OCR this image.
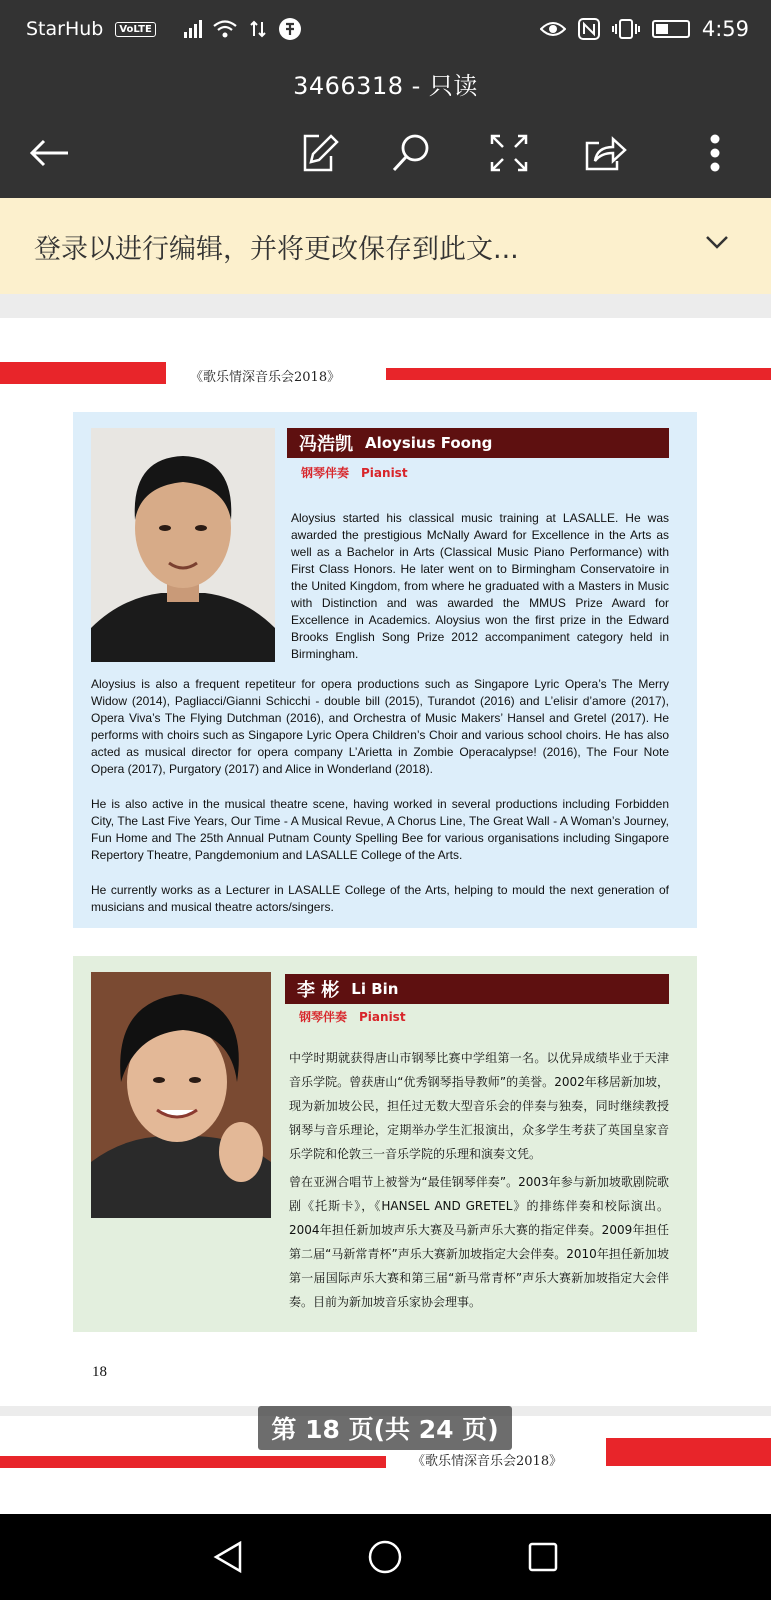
StarHub	VoLTE	4:59
3466318 - 只读
登录以进行编辑，并将更改保存到此文...
《歌乐情深音乐会2018》
冯浩凯 Aloysius Foong
钢琴伴奏 Pianist
Aloysius started his classical music training at LASALLE. He was awarded the prestigious McNally Award for Excellence in the Arts as well as a Bachelor in Arts (Classical Music Piano Performance) with First Class Honors. He later went on to Birmingham Conservatoire in the United Kingdom, from where he graduated with a Masters in Music with Distinction and was awarded the MMUS Prize Award for Excellence in Academics. Aloysius won the first prize in the Edward Brooks English Song Prize 2012 accompaniment category held in Birmingham.
Aloysius is also a frequent repetiteur for opera productions such as Singapore Lyric Opera’s The Merry Widow (2014), Pagliacci/Gianni Schicchi - double bill (2015), Turandot (2016) and L’elisir d’amore (2017), Opera Viva’s The Flying Dutchman (2016), and Orchestra of Music Makers’ Hansel and Gretel (2017). He performs with choirs such as Singapore Lyric Opera Children’s Choir and various school choirs. He has also acted as musical director for opera company L’Arietta in Zombie Operacalypse! (2016), The Four Note Opera (2017), Purgatory (2017) and Alice in Wonderland (2018).
He is also active in the musical theatre scene, having worked in several productions including Forbidden City, The Last Five Years, Our Time - A Musical Revue, A Chorus Line, The Great Wall - A Woman’s Journey, Fun Home and The 25th Annual Putnam County Spelling Bee for various organisations including Singapore Repertory Theatre, Pangdemonium and LASALLE College of the Arts.
He currently works as a Lecturer in LASALLE College of the Arts, helping to mould the next generation of musicians and musical theatre actors/singers.
李 彬 Li Bin
钢琴伴奏 Pianist
中学时期就获得唐山市钢琴比赛中学组第一名。以优异成绩毕业于天津音乐学院。曾获唐山“优秀钢琴指导教师”的美誉。2002年移居新加坡，现为新加坡公民，担任过无数大型音乐会的伴奏与独奏，同时继续教授钢琴与音乐理论，定期举办学生汇报演出，众多学生考获了英国皇家音乐学院和伦敦三一音乐学院的乐理和演奏文凭。
曾在亚洲合唱节上被誉为“最佳钢琴伴奏”。2003年参与新加坡歌剧院歌剧《托斯卡》，《HANSEL AND GRETEL》的排练伴奏和校际演出。2004年担任新加坡声乐大赛及马新声乐大赛的指定伴奏。2009年担任第二届“马新常青杯”声乐大赛新加坡指定大会伴奏。2010年担任新加坡第一届国际声乐大赛和第三届“新马常青杯”声乐大赛新加坡指定大会伴奏。目前为新加坡音乐家协会理事。
18
《歌乐情深音乐会2018》
第 18 页(共 24 页)
